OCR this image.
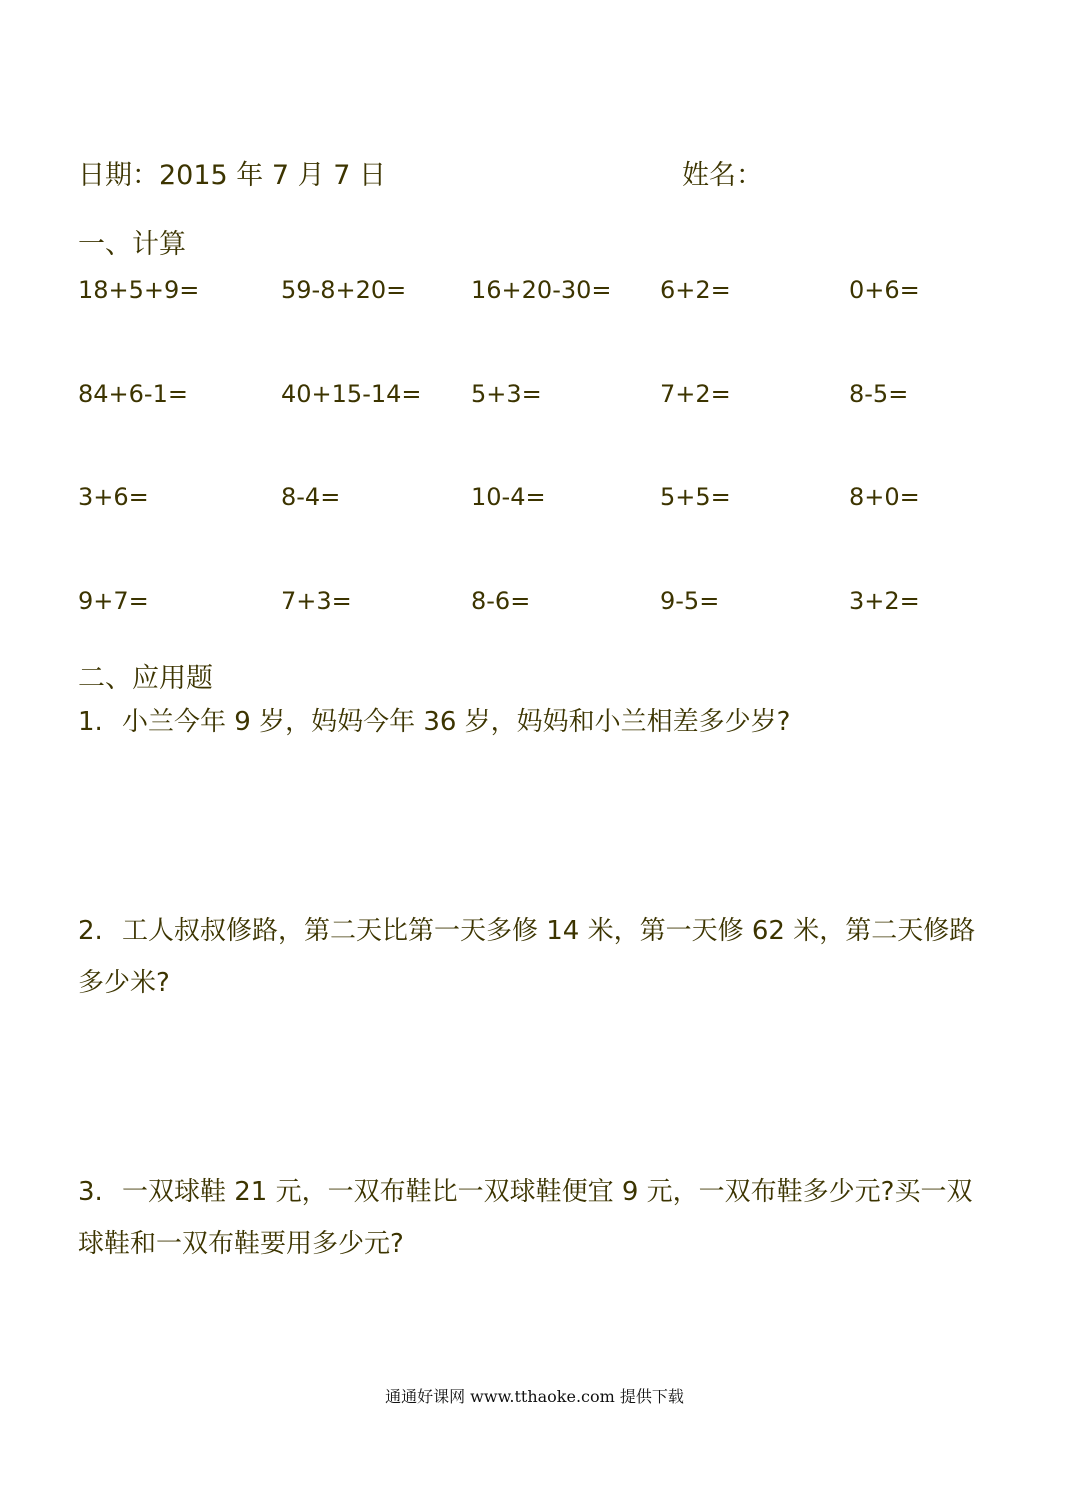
日期：2015 年 7 月 7 日	姓名：
一、计算
18+5+9=	59-8+20=	16+20-30= 6+2=	0+6=
84+6-1=	40+15-14= 5+3=	7+2=	8-5=
3+6=	8-4=	10-4=	5+5=	8+0=
9+7=	7+3=	8-6=	9-5=	3+2=
二、应用题
1. 小兰今年 9 岁，妈妈今年 36 岁，妈妈和小兰相差多少岁?
2. 工人叔叔修路，第二天比第一天多修 14 米，第一天修 62 米，第二天修路多少米?
3. 一双球鞋 21 元，一双布鞋比一双球鞋便宜 9 元，一双布鞋多少元?买一双球鞋和一双布鞋要用多少元?
通通好课网 www.tthaoke.com 提供下载
